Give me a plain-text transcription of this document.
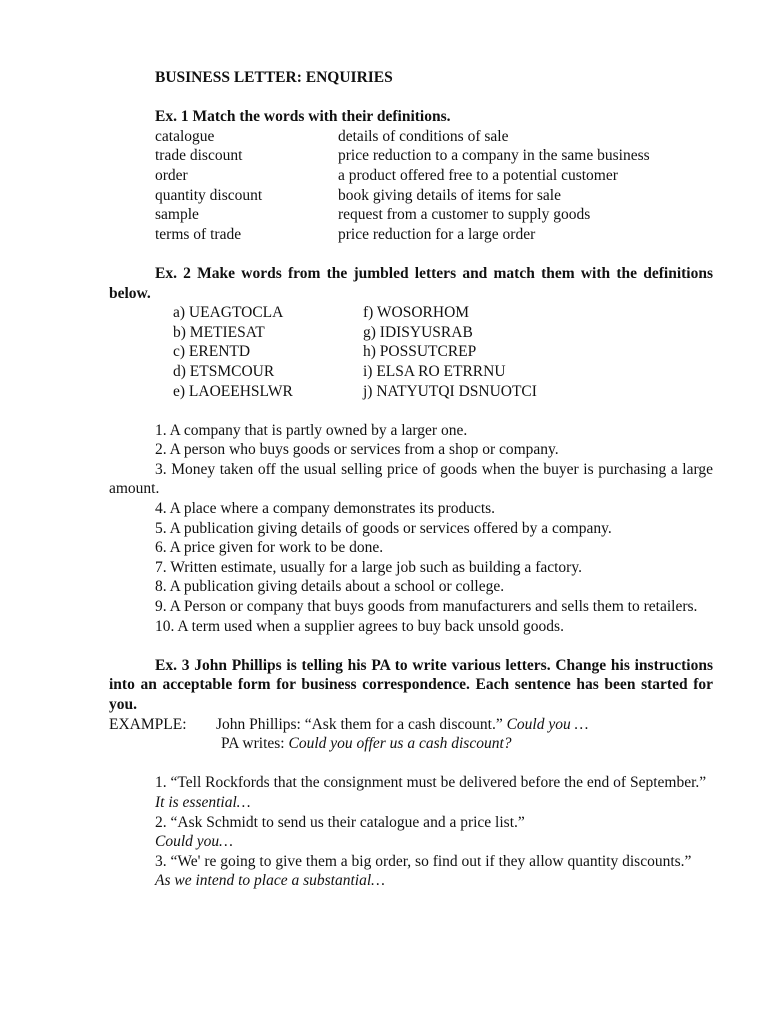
BUSINESS LETTER: ENQUIRIES
Ex. 1 Match the words with their definitions.
catalogue	details of conditions of sale
trade discount	price reduction to a company in the same business
order	a product offered free to a potential customer
quantity discount	book giving details of items for sale
sample	request from a customer to supply goods
terms of trade	price reduction for a large order
Ex. 2 Make words from the jumbled letters and match them with the definitions below.
a) UEAGTOCLA	f) WOSORHOM
b) METIESAT	g) IDISYUSRAB
c) ERENTD	h) POSSUTCREP
d) ETSMCOUR	i) ELSA RO ETRRNU
e) LAOEEHSLWR	j) NATYUTQI DSNUOTCI
1. A company that is partly owned by a larger one.
2. A person who buys goods or services from a shop or company.
3. Money taken off the usual selling price of goods when the buyer is purchasing a large amount.
4. A place where a company demonstrates its products.
5. A publication giving details of goods or services offered by a company.
6. A price given for work to be done.
7. Written estimate, usually for a large job such as building a factory.
8. A publication giving details about a school or college.
9. A Person or company that buys goods from manufacturers and sells them to retailers.
10. A term used when a supplier agrees to buy back unsold goods.
Ex. 3 John Phillips is telling his PA to write various letters. Change his instructions into an acceptable form for business correspondence. Each sentence has been started for you.
EXAMPLE:	John Phillips: “Ask them for a cash discount.” Could you …
PA writes: Could you offer us a cash discount?
1. “Tell Rockfords that the consignment must be delivered before the end of September.”
It is essential…
2. “Ask Schmidt to send us their catalogue and a price list.”
Could you…
3. “We' re going to give them a big order, so find out if they allow quantity discounts.”
As we intend to place a substantial…
